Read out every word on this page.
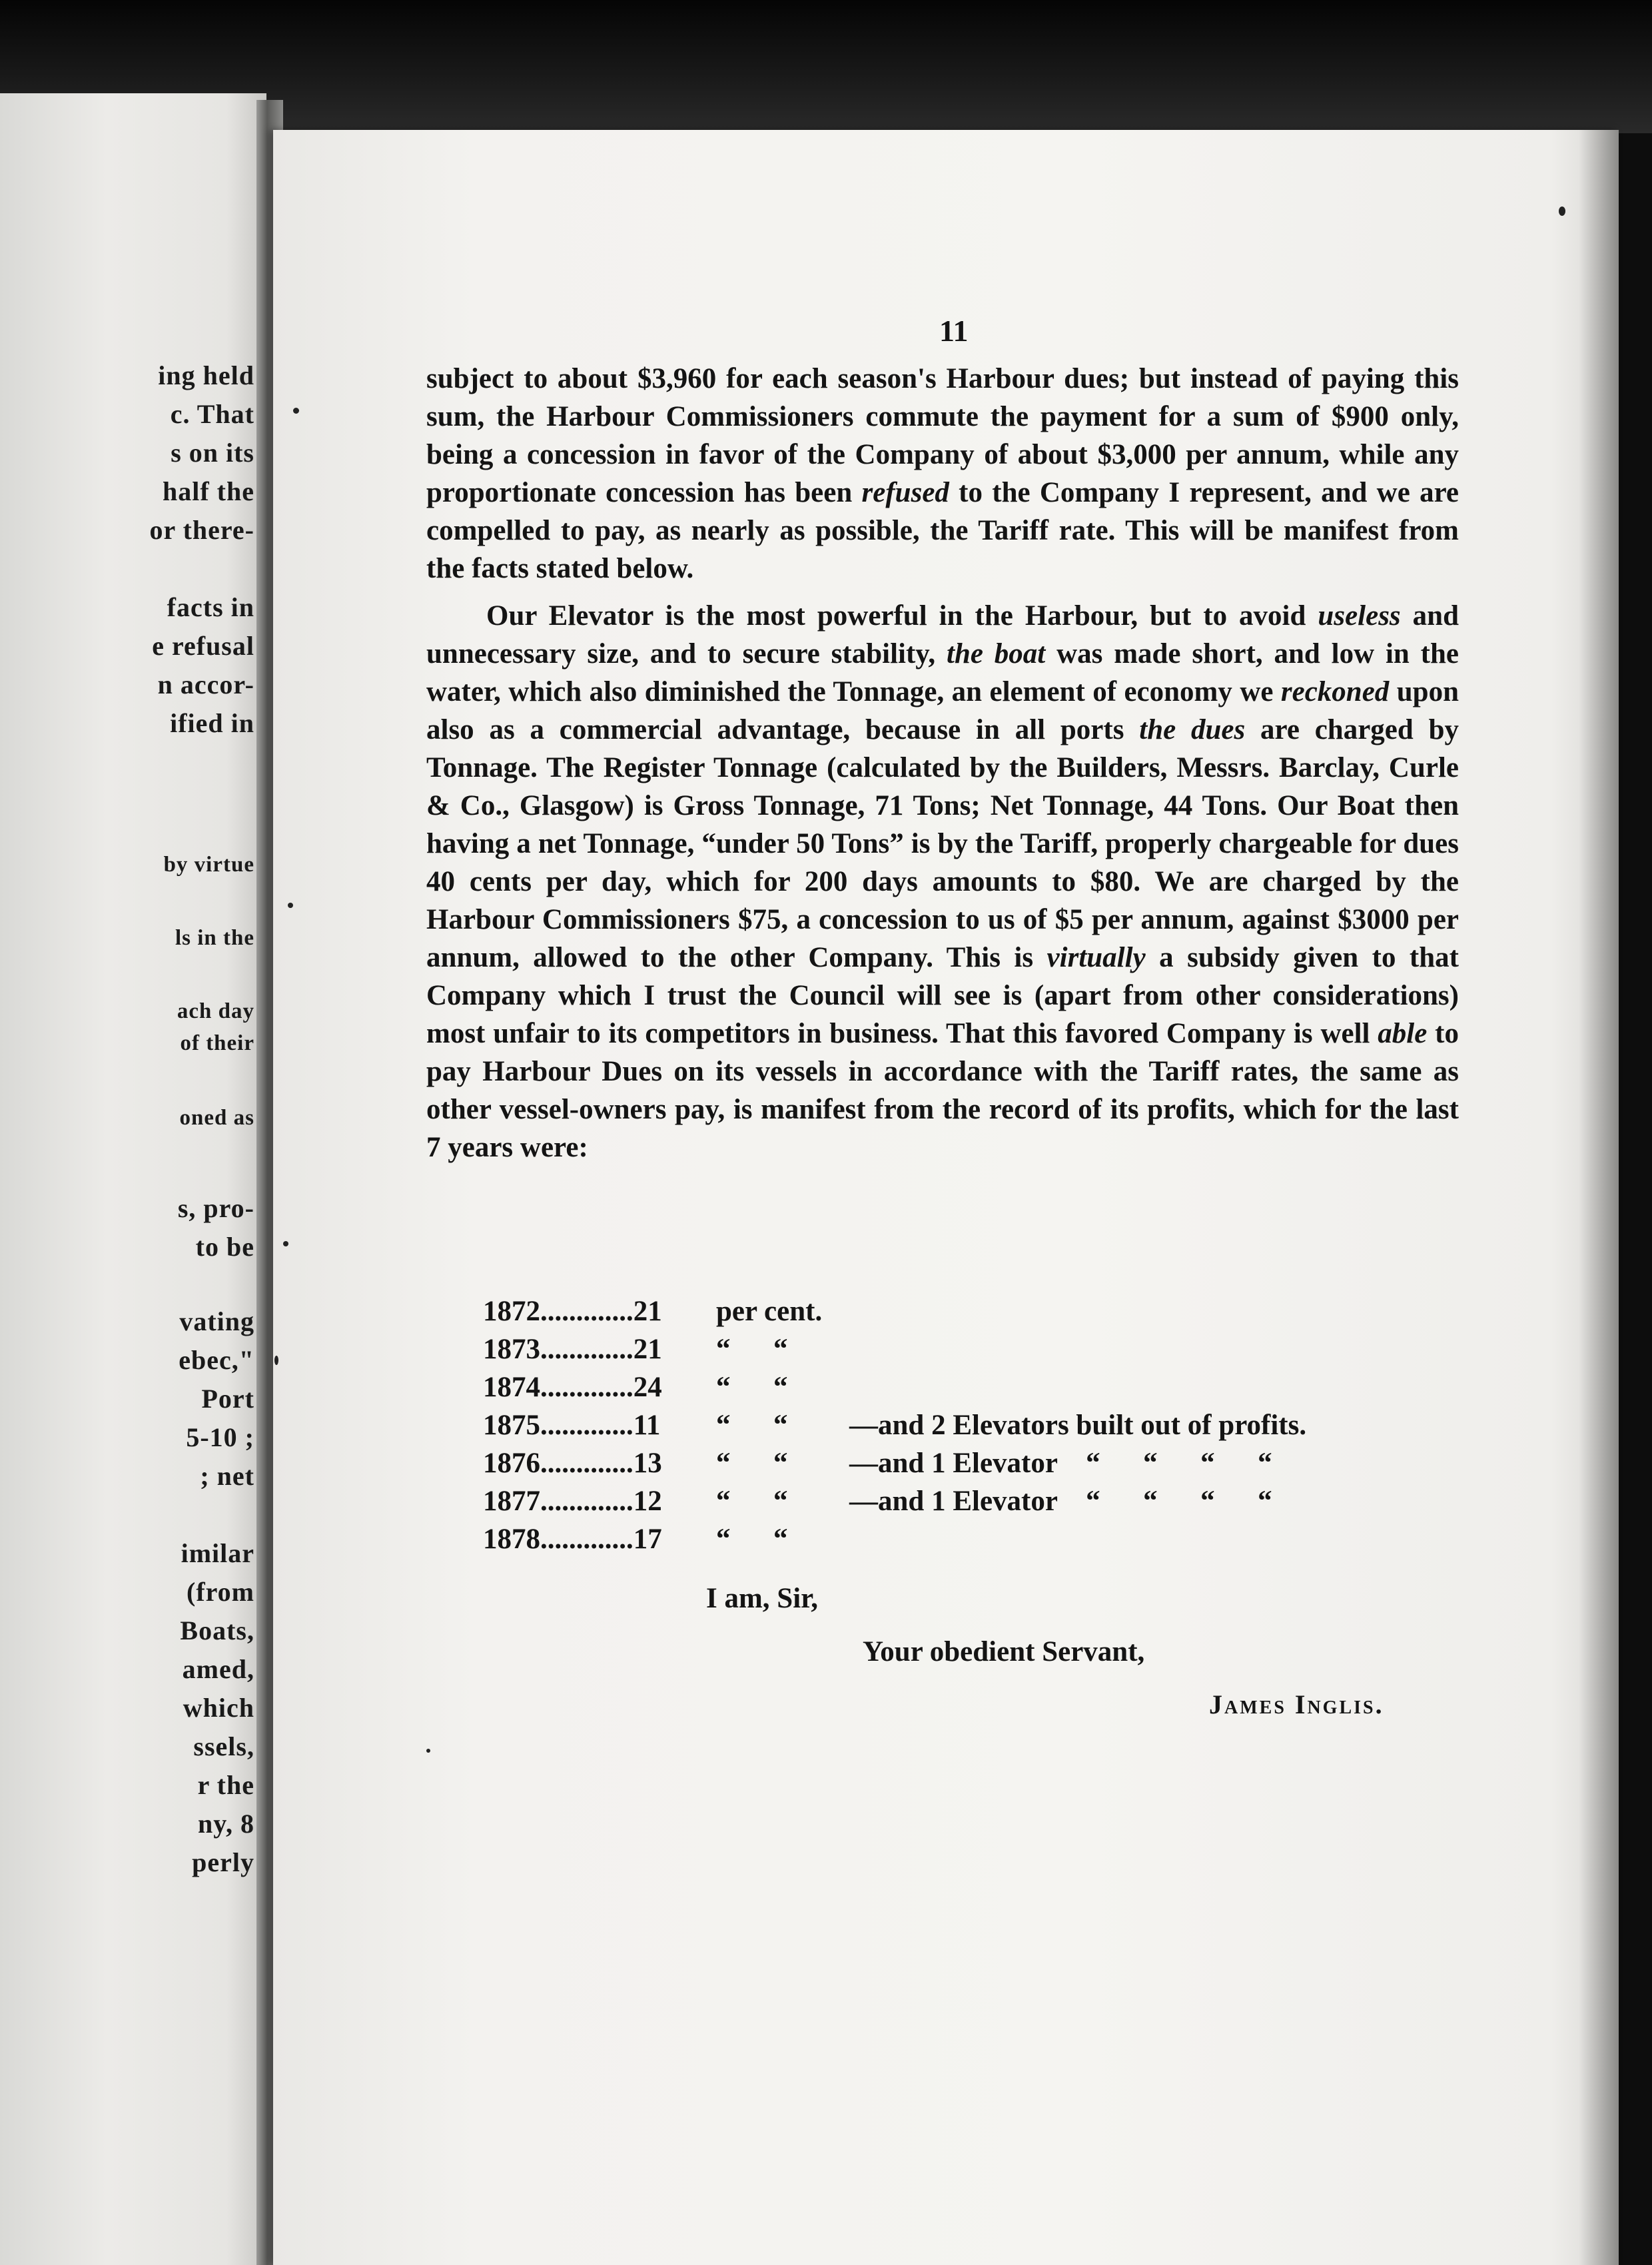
ing held
c. That
s on its
half the
or there-
facts in
e refusal
n accor-
ified in
by virtue
ls in the
ach day
of their
oned as
s, pro-
to be
vating
ebec,"
Port
5-10 ;
; net
imilar
(from
Boats,
amed,
which
ssels,
r the
ny, 8
perly
11

subject to about $3,960 for each season's Harbour dues; but instead of paying this sum, the Harbour Commissioners commute the payment for a sum of $900 only, being a concession in favor of the Company of about $3,000 per annum, while any proportionate concession has been refused to the Company I represent, and we are compelled to pay, as nearly as possible, the Tariff rate. This will be manifest from the facts stated below.

Our Elevator is the most powerful in the Harbour, but to avoid useless and unnecessary size, and to secure stability, the boat was made short, and low in the water, which also diminished the Tonnage, an element of economy we reckoned upon also as a commercial advantage, because in all ports the dues are charged by Tonnage. The Register Tonnage (calculated by the Builders, Messrs. Barclay, Curle & Co., Glasgow) is Gross Tonnage, 71 Tons; Net Tonnage, 44 Tons. Our Boat then having a net Tonnage, “under 50 Tons” is by the Tariff, properly chargeable for dues 40 cents per day, which for 200 days amounts to $80. We are charged by the Harbour Commissioners $75, a concession to us of $5 per annum, against $3000 per annum, allowed to the other Company. This is virtually a subsidy given to that Company which I trust the Council will see is (apart from other considerations) most unfair to its competitors in business. That this favored Company is well able to pay Harbour Dues on its vessels in accordance with the Tariff rates, the same as other vessel-owners pay, is manifest from the record of its profits, which for the last 7 years were:

1872.............21	per cent.
1873.............21	“      “
1874.............24	“      “
1875.............11	“      “	—and 2 Elevators built out of profits.
1876.............13	“      “	—and 1 Elevator    “      “      “      “
1877.............12	“      “	—and 1 Elevator    “      “      “      “
1878.............17	“      “
I am, Sir,
Your obedient Servant,
James Inglis.
